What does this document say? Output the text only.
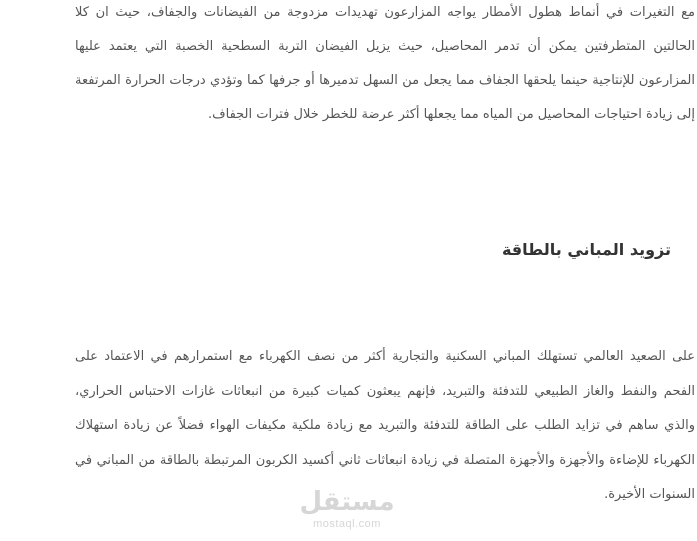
مع التغيرات في أنماط هطول الأمطار يواجه المزارعون تهديدات مزدوجة من الفيضانات والجفاف، حيث ان كلا الحالتين المتطرفتين يمكن أن تدمر المحاصيل، حيث يزيل الفيضان التربة السطحية الخصبة التي يعتمد عليها المزارعون للإنتاجية حينما يلحقها الجفاف مما يجعل من السهل تدميرها أو جرفها كما وتؤدي درجات الحرارة المرتفعة إلى زيادة احتياجات المحاصيل من المياه مما يجعلها أكثر عرضة للخطر خلال فترات الجفاف.

تزويد المباني بالطاقة

على الصعيد العالمي تستهلك المباني السكنية والتجارية أكثر من نصف الكهرباء مع استمرارهم في الاعتماد على الفحم والنفط والغاز الطبيعي للتدفئة والتبريد، فإنهم يبعثون كميات كبيرة من انبعاثات غازات الاحتباس الحراري، والذي ساهم في تزايد الطلب على الطاقة للتدفئة والتبريد مع زيادة ملكية مكيفات الهواء فضلاً عن زيادة استهلاك الكهرباء للإضاءة والأجهزة والأجهزة المتصلة في زيادة انبعاثات ثاني أكسيد الكربون المرتبطة بالطاقة من المباني في السنوات الأخيرة.

مستقل
mostaql.com
